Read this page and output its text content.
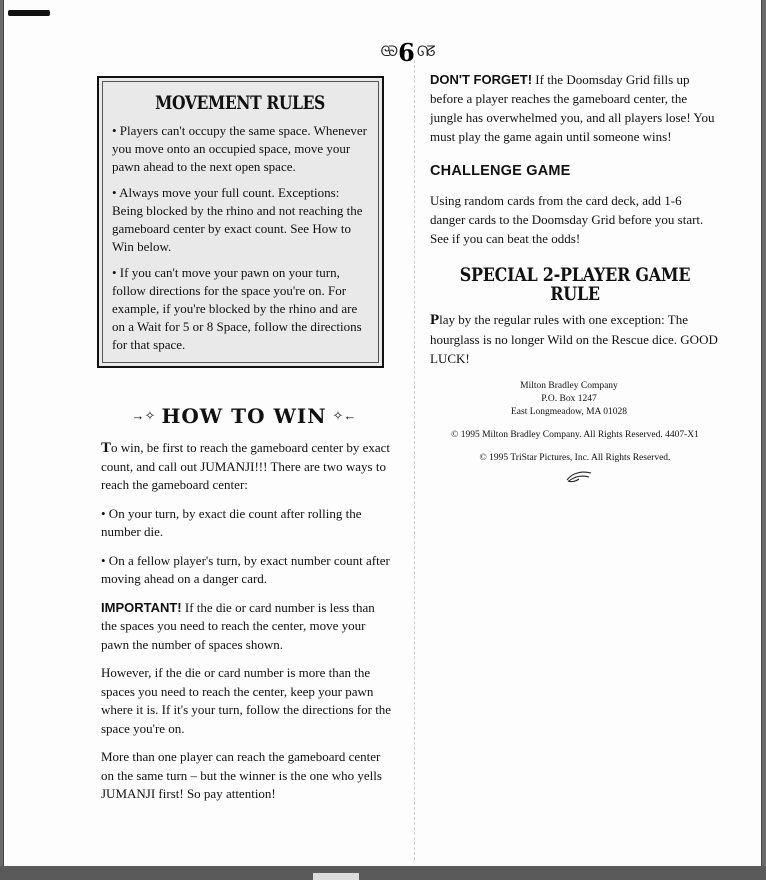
ᘓᘐ 6 ᘏᘔ
MOVEMENT RULES

• Players can't occupy the same space. Whenever you move onto an occupied space, move your pawn ahead to the next open space.

• Always move your full count. Exceptions: Being blocked by the rhino and not reaching the gameboard center by exact count. See How to Win below.

• If you can't move your pawn on your turn, follow directions for the space you're on. For example, if you're blocked by the rhino and are on a Wait for 5 or 8 Space, follow the directions for that space.

→✧ HOW TO WIN ✧←

To win, be first to reach the gameboard center by exact count, and call out JUMANJI!!! There are two ways to reach the gameboard center:

• On your turn, by exact die count after rolling the number die.

• On a fellow player's turn, by exact number count after moving ahead on a danger card.

IMPORTANT! If the die or card number is less than the spaces you need to reach the center, move your pawn the number of spaces shown.

However, if the die or card number is more than the spaces you need to reach the center, keep your pawn where it is. If it's your turn, follow the directions for the space you're on.

More than one player can reach the gameboard center on the same turn – but the winner is the one who yells JUMANJI first! So pay attention!

DON'T FORGET! If the Doomsday Grid fills up before a player reaches the gameboard center, the jungle has overwhelmed you, and all players lose! You must play the game again until someone wins!

CHALLENGE GAME

Using random cards from the card deck, add 1-6 danger cards to the Doomsday Grid before you start. See if you can beat the odds!

SPECIAL 2-PLAYER GAME RULE

Play by the regular rules with one exception: The hourglass is no longer Wild on the Rescue dice. GOOD LUCK!

Milton Bradley Company
P.O. Box 1247
East Longmeadow, MA 01028
© 1995 Milton Bradley Company. All Rights Reserved. 4407-X1
© 1995 TriStar Pictures, Inc. All Rights Reserved.
